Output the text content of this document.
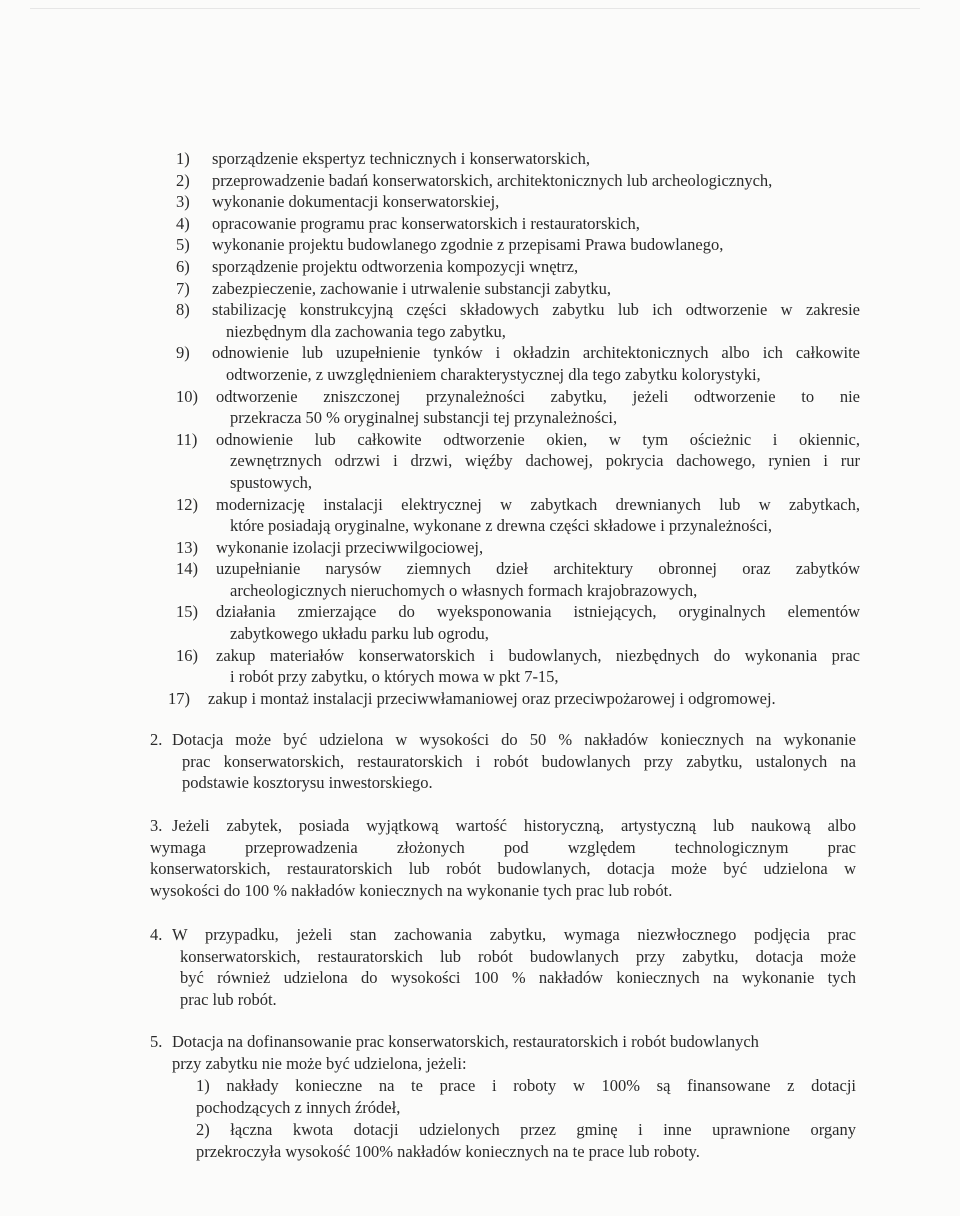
1) sporządzenie ekspertyz technicznych i konserwatorskich,
2) przeprowadzenie badań konserwatorskich, architektonicznych lub archeologicznych,
3) wykonanie dokumentacji konserwatorskiej,
4) opracowanie programu prac konserwatorskich i restauratorskich,
5) wykonanie projektu budowlanego zgodnie z przepisami Prawa budowlanego,
6) sporządzenie projektu odtworzenia kompozycji wnętrz,
7) zabezpieczenie, zachowanie i utrwalenie substancji zabytku,
8) stabilizację konstrukcyjną części składowych zabytku lub ich odtworzenie w zakresie
niezbędnym dla zachowania tego zabytku,
9) odnowienie lub uzupełnienie tynków i okładzin architektonicznych albo ich całkowite
odtworzenie, z uwzględnieniem charakterystycznej dla tego zabytku kolorystyki,
10) odtworzenie zniszczonej przynależności zabytku, jeżeli odtworzenie to nie
przekracza 50 % oryginalnej substancji tej przynależności,
11) odnowienie lub całkowite odtworzenie okien, w tym ościeżnic i okiennic,
zewnętrznych odrzwi i drzwi, więźby dachowej, pokrycia dachowego, rynien i rur
spustowych,
12) modernizację instalacji elektrycznej w zabytkach drewnianych lub w zabytkach,
które posiadają oryginalne, wykonane z drewna części składowe i przynależności,
13) wykonanie izolacji przeciwwilgociowej,
14) uzupełnianie narysów ziemnych dzieł architektury obronnej oraz zabytków
archeologicznych nieruchomych o własnych formach krajobrazowych,
15) działania zmierzające do wyeksponowania istniejących, oryginalnych elementów
zabytkowego układu parku lub ogrodu,
16) zakup materiałów konserwatorskich i budowlanych, niezbędnych do wykonania prac
i robót przy zabytku, o których mowa w pkt 7-15,
17) zakup i montaż instalacji przeciwwłamaniowej oraz przeciwpożarowej i odgromowej.
2. Dotacja może być udzielona w wysokości do 50 % nakładów koniecznych na wykonanie
prac konserwatorskich, restauratorskich i robót budowlanych przy zabytku, ustalonych na
podstawie kosztorysu inwestorskiego.
3. Jeżeli zabytek, posiada wyjątkową wartość historyczną, artystyczną lub naukową albo
wymaga przeprowadzenia złożonych pod względem technologicznym prac
konserwatorskich, restauratorskich lub robót budowlanych, dotacja może być udzielona w
wysokości do 100 % nakładów koniecznych na wykonanie tych prac lub robót.
4. W przypadku, jeżeli stan zachowania zabytku, wymaga niezwłocznego podjęcia prac
konserwatorskich, restauratorskich lub robót budowlanych przy zabytku, dotacja może
być również udzielona do wysokości 100 % nakładów koniecznych na wykonanie tych
prac lub robót.
5. Dotacja na dofinansowanie prac konserwatorskich, restauratorskich i robót budowlanych
przy zabytku nie może być udzielona, jeżeli:
1) nakłady konieczne na te prace i roboty w 100% są finansowane z dotacji
pochodzących z innych źródeł,
2) łączna kwota dotacji udzielonych przez gminę i inne uprawnione organy
przekroczyła wysokość 100% nakładów koniecznych na te prace lub roboty.
